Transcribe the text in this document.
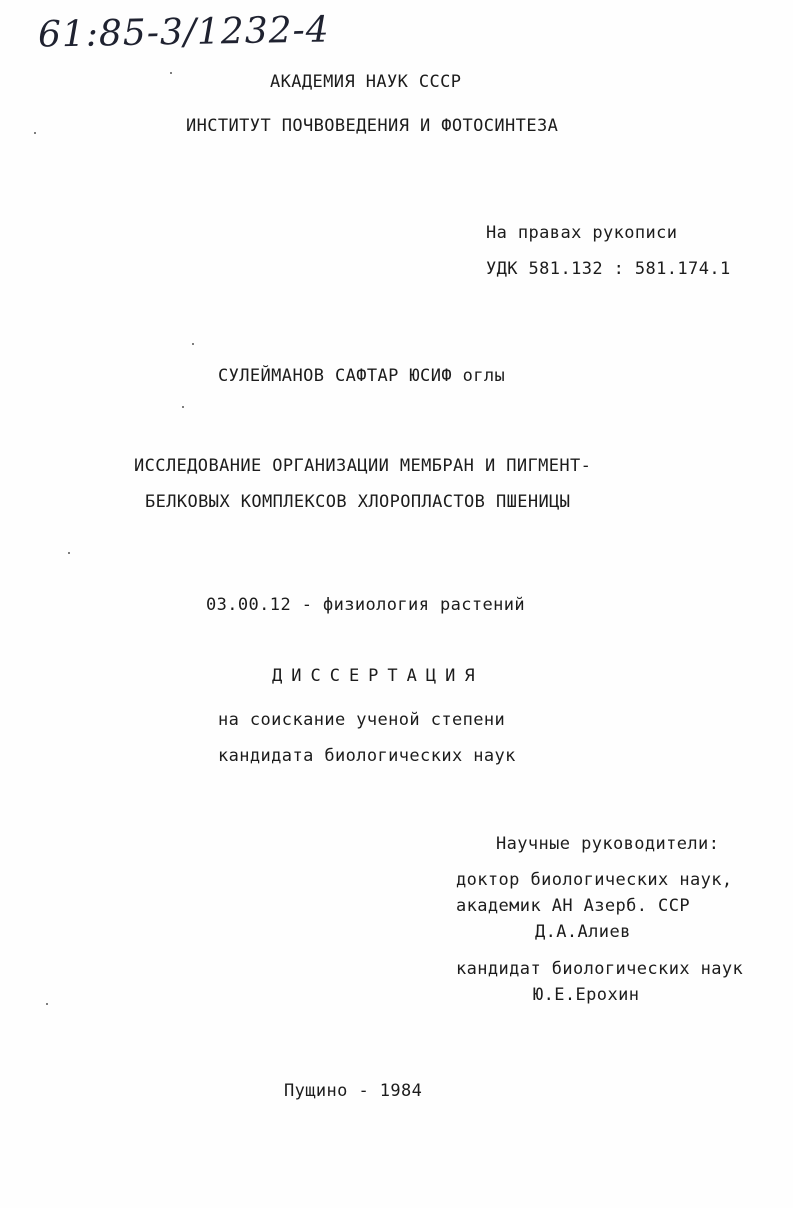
61:85-3/1232-4
АКАДЕМИЯ НАУК СССР
ИНСТИТУТ ПОЧВОВЕДЕНИЯ И ФОТОСИНТЕЗА
На правах рукописи
УДК 581.132 : 581.174.1
СУЛЕЙМАНОВ САФТАР ЮСИФ оглы
ИССЛЕДОВАНИЕ ОРГАНИЗАЦИИ МЕМБРАН И ПИГМЕНТ-
БЕЛКОВЫХ КОМПЛЕКСОВ ХЛОРОПЛАСТОВ ПШЕНИЦЫ
03.00.12 - физиология растений
ДИССЕРТАЦИЯ
на соискание ученой степени
кандидата биологических наук
Научные руководители:
доктор биологических наук,
академик АН Азерб. ССР
Д.А.Алиев
кандидат биологических наук
Ю.Е.Ерохин
Пущино - 1984
